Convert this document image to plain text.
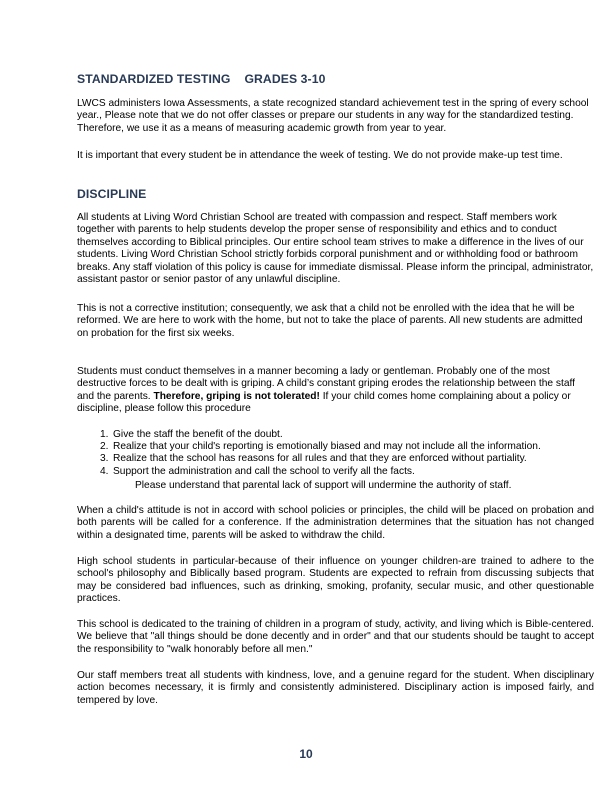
STANDARDIZED TESTING GRADES 3-10

LWCS administers Iowa Assessments, a state recognized standard achievement test in the spring of every school year., Please note that we do not offer classes or prepare our students in any way for the standardized testing. Therefore, we use it as a means of measuring academic growth from year to year.

It is important that every student be in attendance the week of testing. We do not provide make-up test time.

DISCIPLINE

All students at Living Word Christian School are treated with compassion and respect. Staff members work together with parents to help students develop the proper sense of responsibility and ethics and to conduct themselves according to Biblical principles. Our entire school team strives to make a difference in the lives of our students. Living Word Christian School strictly forbids corporal punishment and or withholding food or bathroom breaks. Any staff violation of this policy is cause for immediate dismissal. Please inform the principal, administrator, assistant pastor or senior pastor of any unlawful discipline.

This is not a corrective institution; consequently, we ask that a child not be enrolled with the idea that he will be reformed. We are here to work with the home, but not to take the place of parents. All new students are admitted on probation for the first six weeks.

Students must conduct themselves in a manner becoming a lady or gentleman. Probably one of the most destructive forces to be dealt with is griping. A child’s constant griping erodes the relationship between the staff and the parents. Therefore, griping is not tolerated! If your child comes home complaining about a policy or discipline, please follow this procedure

1. Give the staff the benefit of the doubt.
2. Realize that your child's reporting is emotionally biased and may not include all the information.
3. Realize that the school has reasons for all rules and that they are enforced without partiality.
4. Support the administration and call the school to verify all the facts.

Please understand that parental lack of support will undermine the authority of staff.

When a child's attitude is not in accord with school policies or principles, the child will be placed on probation and both parents will be called for a conference. If the administration determines that the situation has not changed within a designated time, parents will be asked to withdraw the child.

High school students in particular-because of their influence on younger children-are trained to adhere to the school's philosophy and Biblically based program. Students are expected to refrain from discussing subjects that may be considered bad influences, such as drinking, smoking, profanity, secular music, and other questionable practices.

This school is dedicated to the training of children in a program of study, activity, and living which is Bible-centered. We believe that "all things should be done decently and in order" and that our students should be taught to accept the responsibility to "walk honorably before all men."

Our staff members treat all students with kindness, love, and a genuine regard for the student. When disciplinary action becomes necessary, it is firmly and consistently administered. Disciplinary action is imposed fairly, and tempered by love.

10
